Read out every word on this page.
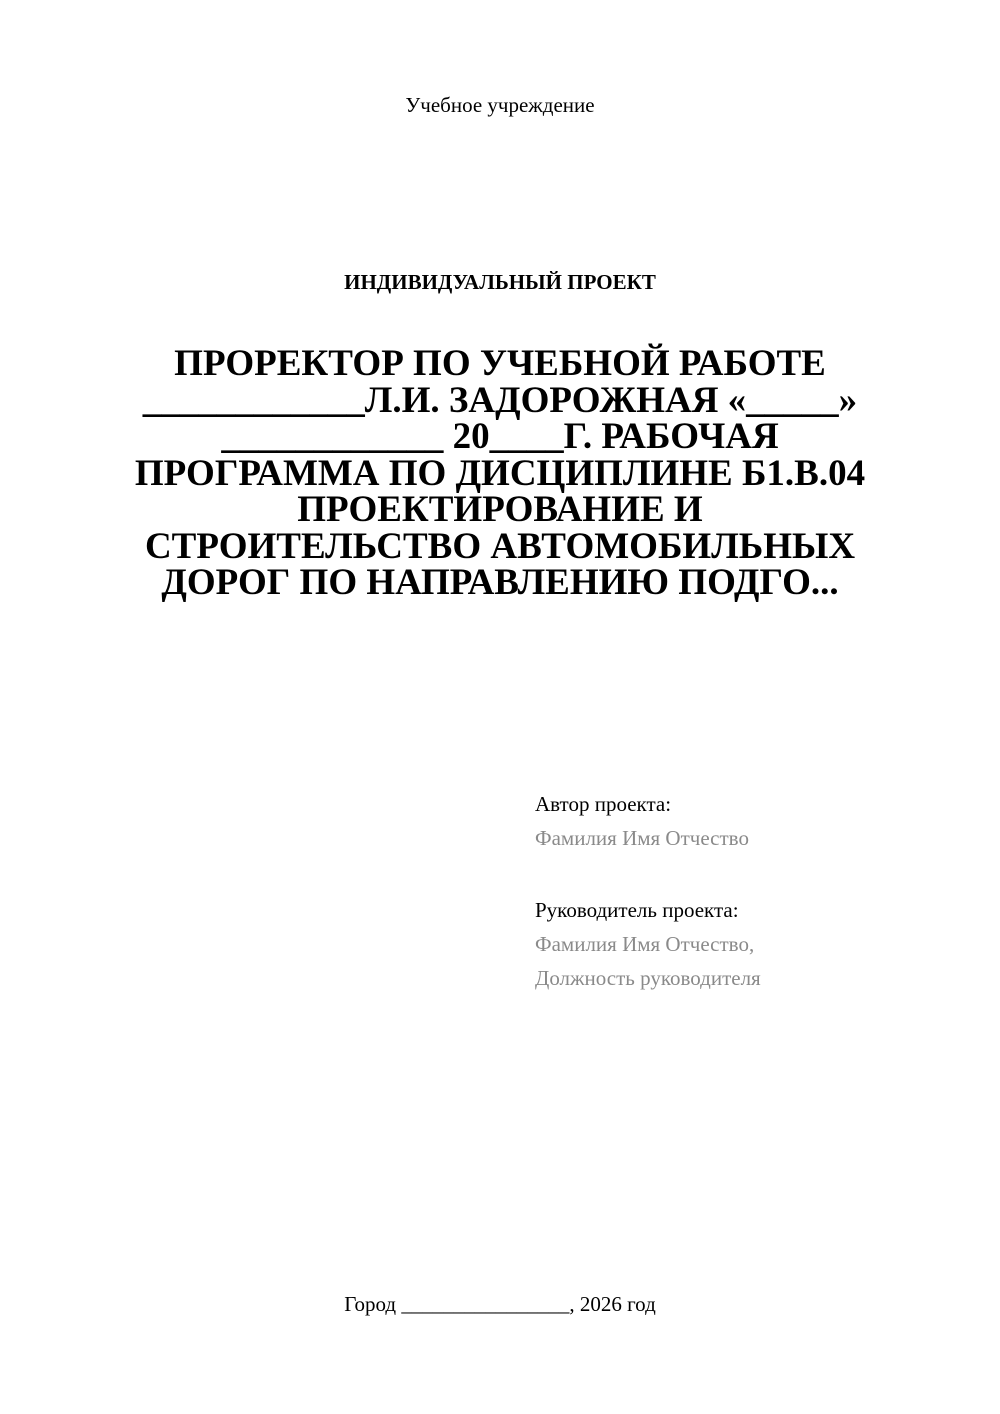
Учебное учреждение
ИНДИВИДУАЛЬНЫЙ ПРОЕКТ
ПРОРЕКТОР ПО УЧЕБНОЙ РАБОТЕ
____________Л.И. ЗАДОРОЖНАЯ «_____»
____________ 20____Г. РАБОЧАЯ
ПРОГРАММА ПО ДИСЦИПЛИНЕ Б1.В.04
ПРОЕКТИРОВАНИЕ И
СТРОИТЕЛЬСТВО АВТОМОБИЛЬНЫХ
ДОРОГ ПО НАПРАВЛЕНИЮ ПОДГО...
Автор проекта:
Фамилия Имя Отчество
Руководитель проекта:
Фамилия Имя Отчество,
Должность руководителя
Город ________________, 2026 год
